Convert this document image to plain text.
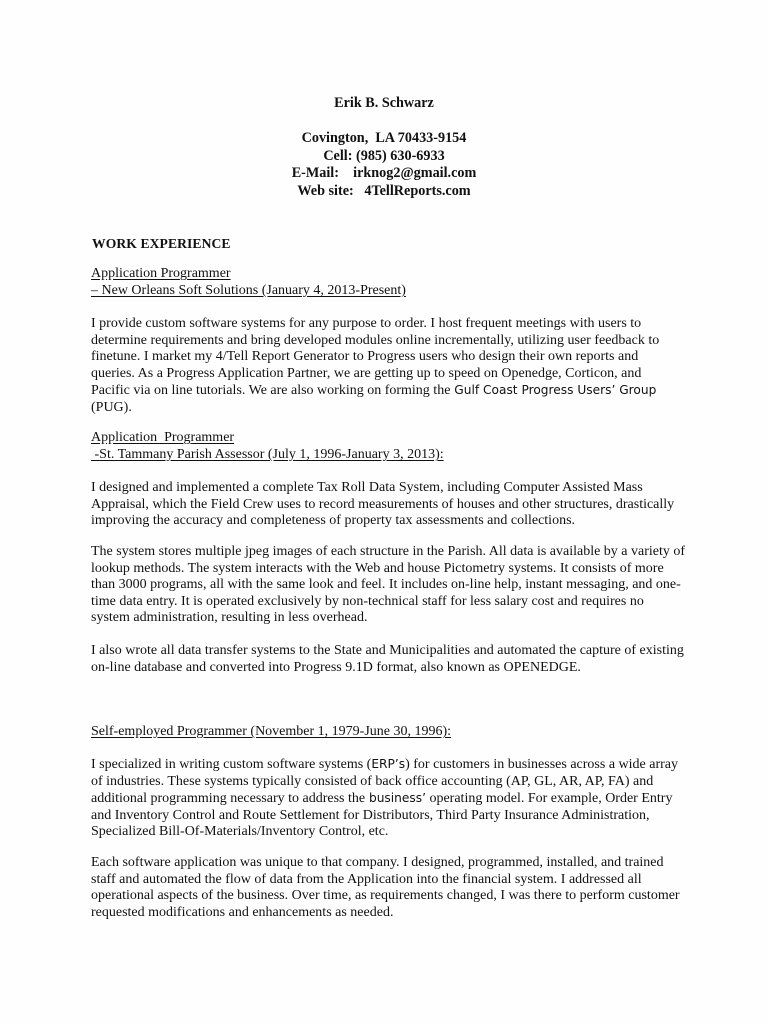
Erik B. Schwarz
Covington,  LA 70433-9154
Cell: (985) 630-6933
E-Mail:    irknog2@gmail.com
Web site:   4TellReports.com
WORK EXPERIENCE
Application Programmer
– New Orleans Soft Solutions (January 4, 2013-Present)
I provide custom software systems for any purpose to order. I host frequent meetings with users to
determine requirements and bring developed modules online incrementally, utilizing user feedback to
finetune. I market my 4/Tell Report Generator to Progress users who design their own reports and
queries. As a Progress Application Partner, we are getting up to speed on Openedge, Corticon, and
Pacific via on line tutorials. We are also working on forming the Gulf Coast Progress Users’ Group
(PUG).
Application  Programmer
-St. Tammany Parish Assessor (July 1, 1996-January 3, 2013):
I designed and implemented a complete Tax Roll Data System, including Computer Assisted Mass
Appraisal, which the Field Crew uses to record measurements of houses and other structures, drastically
improving the accuracy and completeness of property tax assessments and collections.
The system stores multiple jpeg images of each structure in the Parish. All data is available by a variety of
lookup methods. The system interacts with the Web and house Pictometry systems. It consists of more
than 3000 programs, all with the same look and feel. It includes on-line help, instant messaging, and one-
time data entry. It is operated exclusively by non-technical staff for less salary cost and requires no
system administration, resulting in less overhead.
I also wrote all data transfer systems to the State and Municipalities and automated the capture of existing
on-line database and converted into Progress 9.1D format, also known as OPENEDGE.
Self-employed Programmer (November 1, 1979-June 30, 1996):
I specialized in writing custom software systems (ERP’s) for customers in businesses across a wide array
of industries. These systems typically consisted of back office accounting (AP, GL, AR, AP, FA) and
additional programming necessary to address the business’ operating model. For example, Order Entry
and Inventory Control and Route Settlement for Distributors, Third Party Insurance Administration,
Specialized Bill-Of-Materials/Inventory Control, etc.
Each software application was unique to that company. I designed, programmed, installed, and trained
staff and automated the flow of data from the Application into the financial system. I addressed all
operational aspects of the business. Over time, as requirements changed, I was there to perform customer
requested modifications and enhancements as needed.
